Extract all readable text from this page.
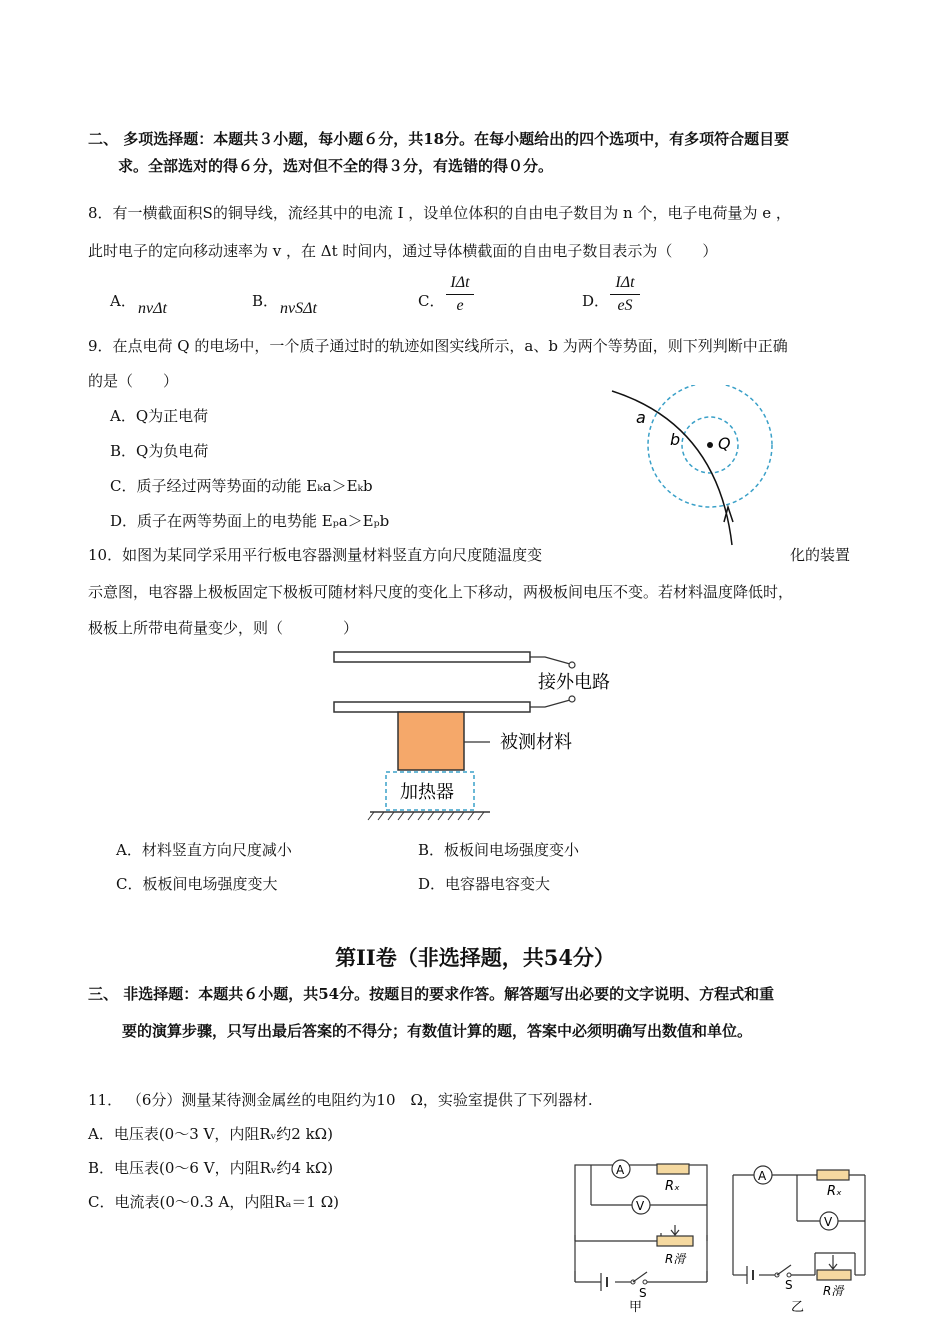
二、 多项选择题：本题共３小题，每小题６分，共18分。在每小题给出的四个选项中，有多项符合题目要
求。全部选对的得６分，选对但不全的得３分，有选错的得０分。
8．有一横截面积S的铜导线，流经其中的电流 I ，设单位体积的自由电子数目为 n 个，电子电荷量为 e ，
此时电子的定向移动速率为 v ，在 Δt 时间内，通过导体横截面的自由电子数目表示为（　　）
A． nvΔt	B． nvSΔt	C．
IΔt
e	D．
IΔt
eS
9．在点电荷 Q 的电场中，一个质子通过时的轨迹如图实线所示，a、b 为两个等势面，则下列判断中正确
的是（　　）
A．Q为正电荷
B．Q为负电荷
C．质子经过两等势面的动能 Eₖa＞Eₖb
D．质子在两等势面上的电势能 Eₚa＞Eₚb
a
b Q
10．如图为某同学采用平行板电容器测量材料竖直方向尺度随温度变	化的装置
示意图，电容器上极板固定下极板可随材料尺度的变化上下移动，两极板间电压不变。若材料温度降低时，
极板上所带电荷量变少，则（　　　　）
接外电路
被测材料
加热器
A．材料竖直方向尺度减小	B．板板间电场强度变小
C．板板间电场强度变大	D．电容器电容变大
第II卷（非选择题，共54分）
三、 非选择题：本题共６小题，共54分。按题目的要求作答。解答题写出必要的文字说明、方程式和重
要的演算步骤，只写出最后答案的不得分；有数值计算的题，答案中必须明确写出数值和单位。
11． （6分）测量某待测金属丝的电阻约为10　Ω，实验室提供了下列器材.
A．电压表(0～3 V，内阻Rᵥ约2 kΩ)
B．电压表(0～6 V，内阻Rᵥ约4 kΩ)
C．电流表(0～0.3 A，内阻Rₐ＝1 Ω)
A
Rₓ
V
R滑
S
甲
A
Rₓ
V
R滑
S
乙
